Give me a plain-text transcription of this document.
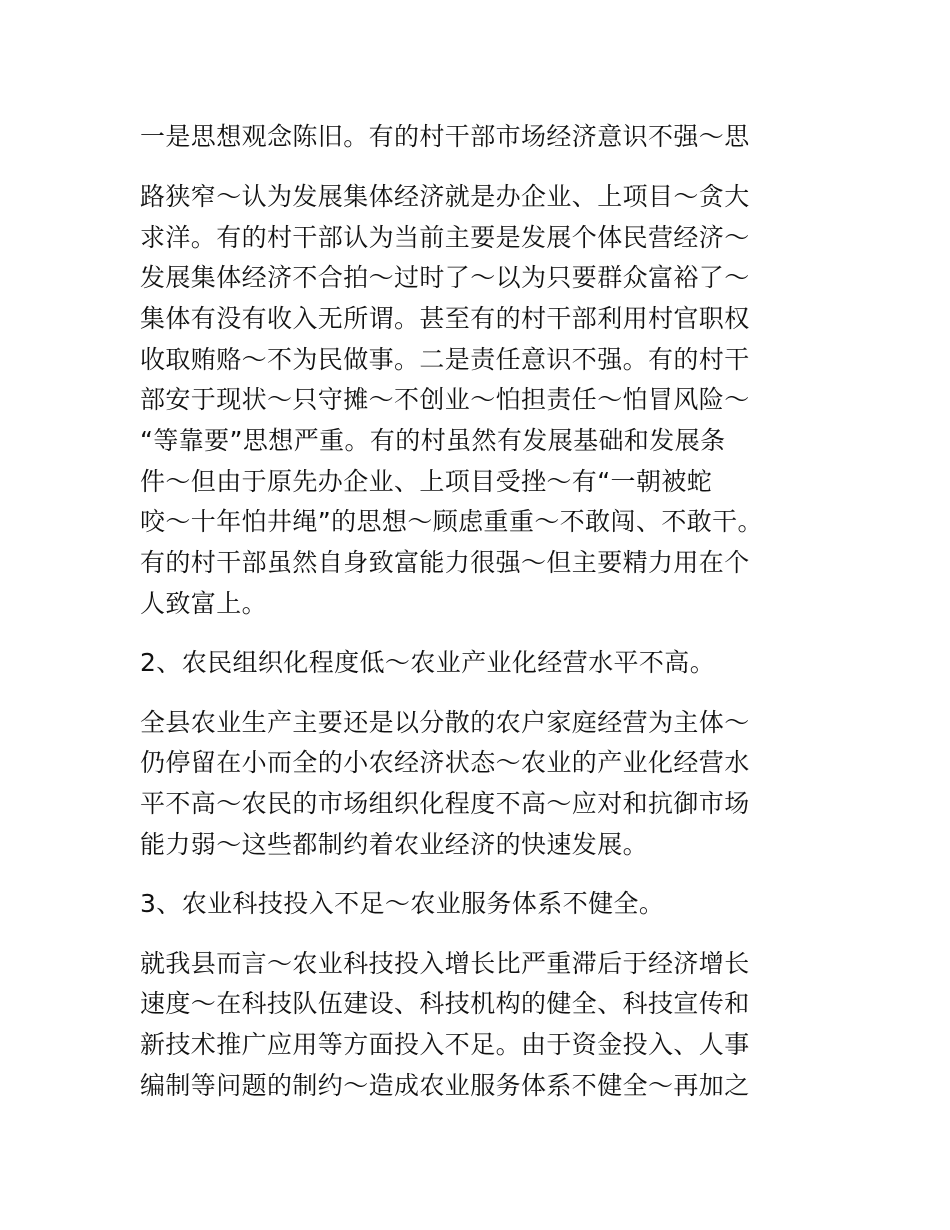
一是思想观念陈旧。有的村干部市场经济意识不强～思
路狭窄～认为发展集体经济就是办企业、上项目～贪大
求洋。有的村干部认为当前主要是发展个体民营经济～
发展集体经济不合拍～过时了～以为只要群众富裕了～
集体有没有收入无所谓。甚至有的村干部利用村官职权
收取贿赂～不为民做事。二是责任意识不强。有的村干
部安于现状～只守摊～不创业～怕担责任～怕冒风险～
“等靠要”思想严重。有的村虽然有发展基础和发展条
件～但由于原先办企业、上项目受挫～有“一朝被蛇
咬～十年怕井绳”的思想～顾虑重重～不敢闯、不敢干。
有的村干部虽然自身致富能力很强～但主要精力用在个
人致富上。
2、农民组织化程度低～农业产业化经营水平不高。
全县农业生产主要还是以分散的农户家庭经营为主体～
仍停留在小而全的小农经济状态～农业的产业化经营水
平不高～农民的市场组织化程度不高～应对和抗御市场
能力弱～这些都制约着农业经济的快速发展。
3、农业科技投入不足～农业服务体系不健全。
就我县而言～农业科技投入增长比严重滞后于经济增长
速度～在科技队伍建设、科技机构的健全、科技宣传和
新技术推广应用等方面投入不足。由于资金投入、人事
编制等问题的制约～造成农业服务体系不健全～再加之
